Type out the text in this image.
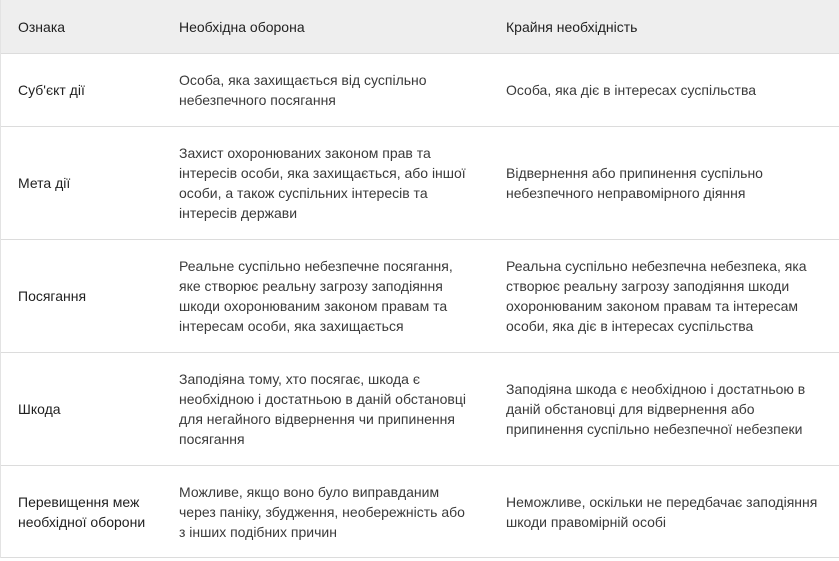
Ознака	Необхідна оборона	Крайня необхідність
Суб'єкт дії	Особа, яка захищається від суспільно небезпечного посягання	Особа, яка діє в інтересах суспільства
Мета дії	Захист охоронюваних законом прав та інтересів особи, яка захищається, або іншої особи, а також суспільних інтересів та інтересів держави	Відвернення або припинення суспільно небезпечного неправомірного діяння
Посягання	Реальне суспільно небезпечне посягання, яке створює реальну загрозу заподіяння шкоди охоронюваним законом правам та інтересам особи, яка захищається	Реальна суспільно небезпечна небезпека, яка створює реальну загрозу заподіяння шкоди охоронюваним законом правам та інтересам особи, яка діє в інтересах суспільства
Шкода	Заподіяна тому, хто посягає, шкода є необхідною і достатньою в даній обстановці для негайного відвернення чи припинення посягання	Заподіяна шкода є необхідною і достатньою в даній обстановці для відвернення або припинення суспільно небезпечної небезпеки
Перевищення меж необхідної оборони	Можливе, якщо воно було виправданим через паніку, збудження, необережність або з інших подібних причин	Неможливе, оскільки не передбачає заподіяння шкоди правомірній особі
